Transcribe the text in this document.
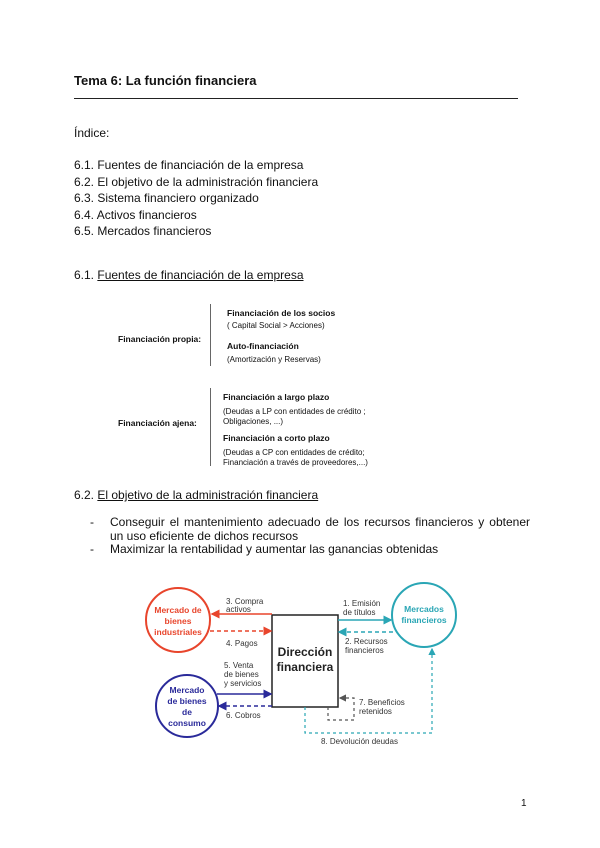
Tema 6: La función financiera
Índice:
6.1. Fuentes de financiación de la empresa
6.2. El objetivo de la administración financiera
6.3. Sistema financiero organizado
6.4. Activos financieros
6.5. Mercados financieros
6.1. Fuentes de financiación de la empresa
Financiación propia:
Financiación de los socios
( Capital Social > Acciones)
Auto-financiación
(Amortización y Reservas)
Financiación ajena:
Financiación a largo plazo
(Deudas a LP con entidades de crédito ;
Obligaciones, ...)
Financiación a corto plazo
(Deudas a CP con entidades de crédito;
Financiación a través de proveedores,...)
6.2. El objetivo de la administración financiera
- Conseguir el mantenimiento adecuado de los recursos financieros y obtener un uso eficiente de dichos recursos
- Maximizar la rentabilidad y aumentar las ganancias obtenidas
Dirección
financiera
Mercado de
bienes
industriales
Mercado
de bienes
de
consumo
Mercados
financieros
3. Compra
activos
4. Pagos
5. Venta
de bienes
y servicios
6. Cobros
1. Emisión
de títulos
2. Recursos
financieros
7. Beneficios
retenidos
8. Devolución deudas
1
